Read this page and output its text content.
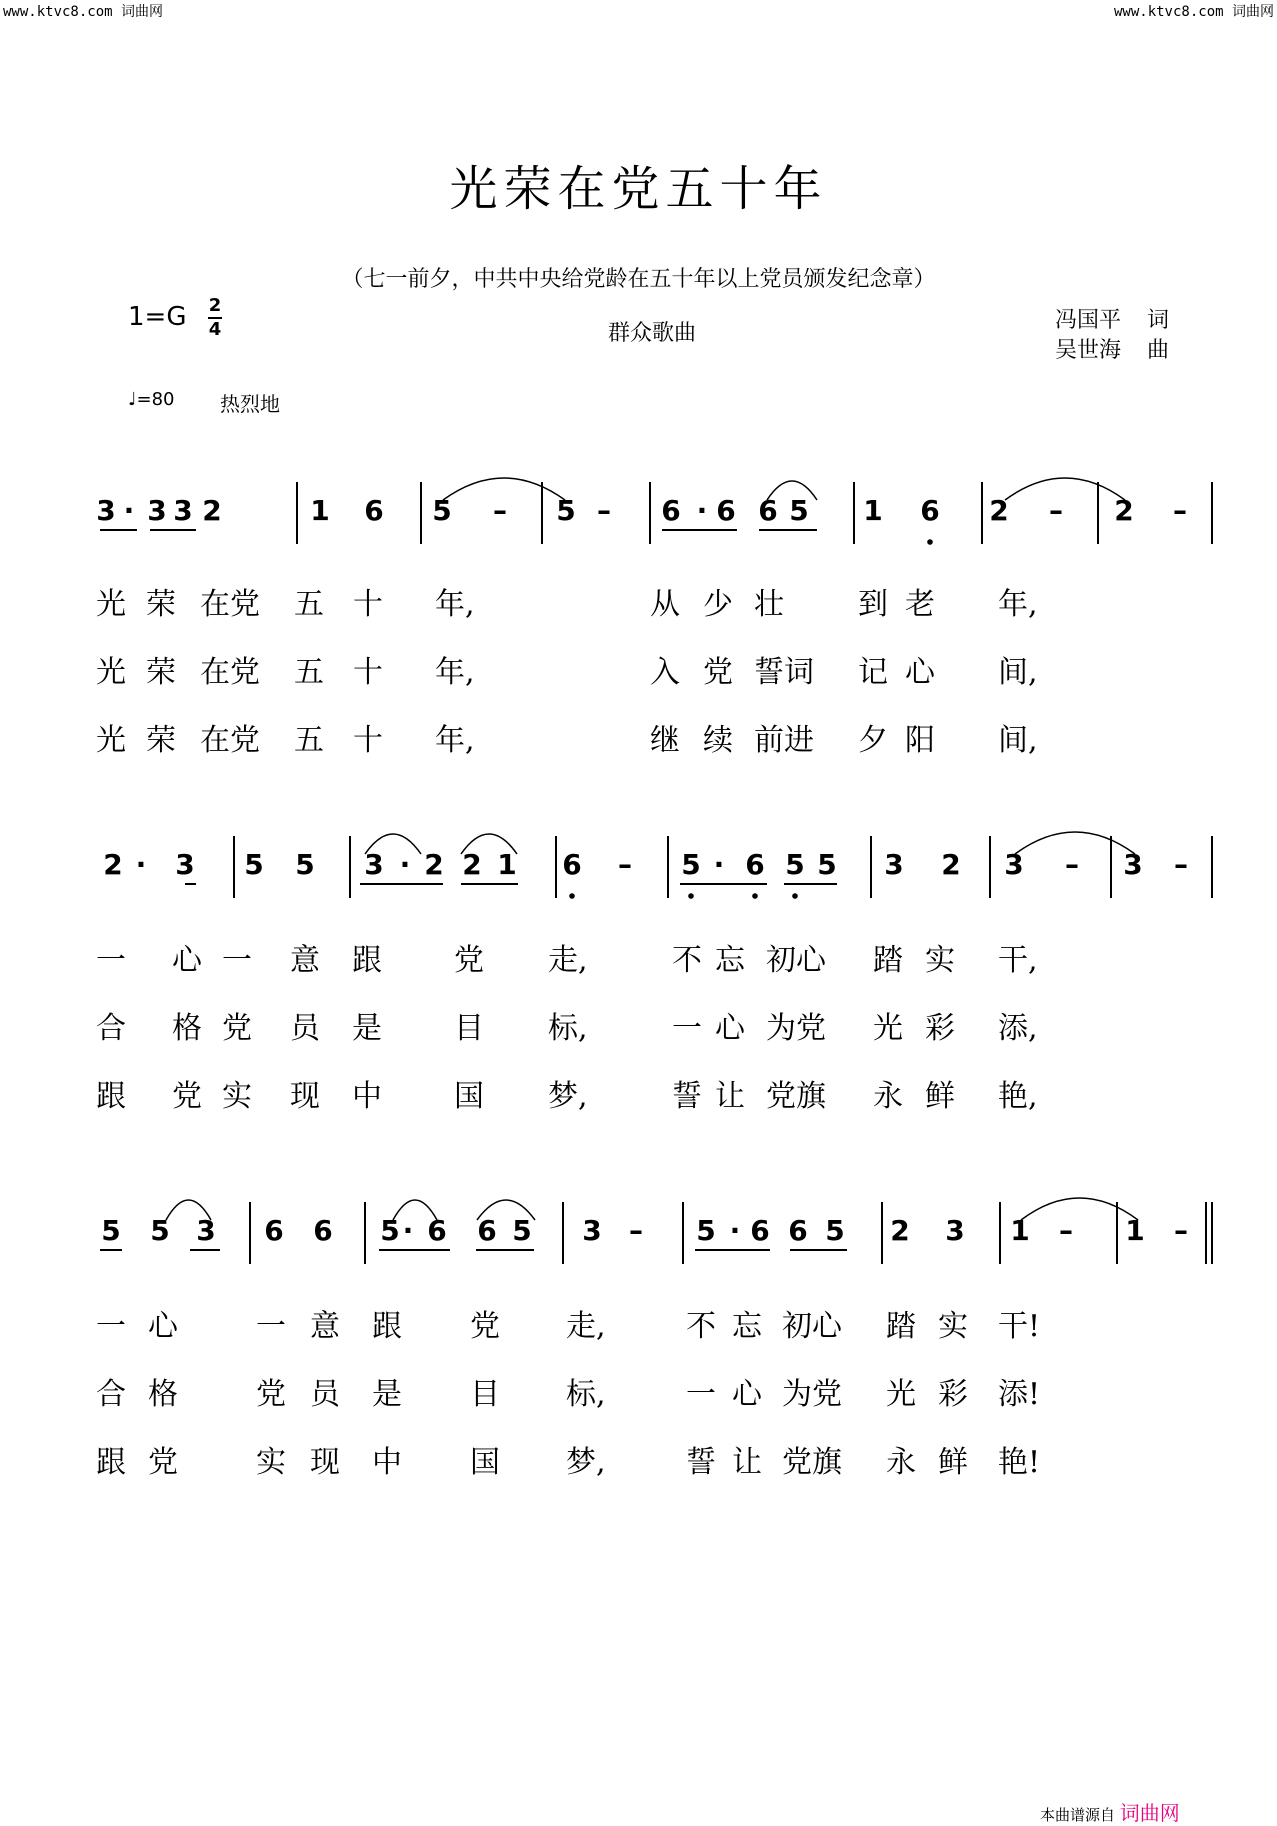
www.ktvc8.com 词曲网	www.ktvc8.com 词曲网
光荣在党五十年
（七一前夕，中共中央给党龄在五十年以上党员颁发纪念章）
1=G 2
4	群众歌曲
冯国平 词
吴世海 曲
♩=80 热烈地
3 · 3 3 2	1 6 5 – 5 – 6 · 6 6 5 1 6 2 – 2 –
2 · 3 5 5 3 · 2 2 1 6 – 5 · 6 5 5 3 2 3 – 3 –
5 5 3 6 6 5 · 6 6 5 3 – 5 · 6 6 5 2 3 1 – 1 –
光 荣 在党 五 十 年,	从 少 壮 到 老 年,
光 荣 在党 五 十 年,	入 党 誓词 记 心 间,
光 荣 在党 五 十 年,	继 续 前进 夕 阳 间,
一 心 一 意 跟 党 走,	不 忘 初心 踏 实 干,
合 格 党 员 是 目 标,	一 心 为党 光 彩 添,
跟 党 实 现 中 国 梦,	誓 让 党旗 永 鲜 艳,
一 心	一 意 跟 党 走,	不 忘 初心 踏 实 干!
合 格	党 员 是 目 标,	一 心 为党 光 彩 添!
跟 党	实 现 中 国 梦,	誓 让 党旗 永 鲜 艳!
本曲谱源自 词曲网
